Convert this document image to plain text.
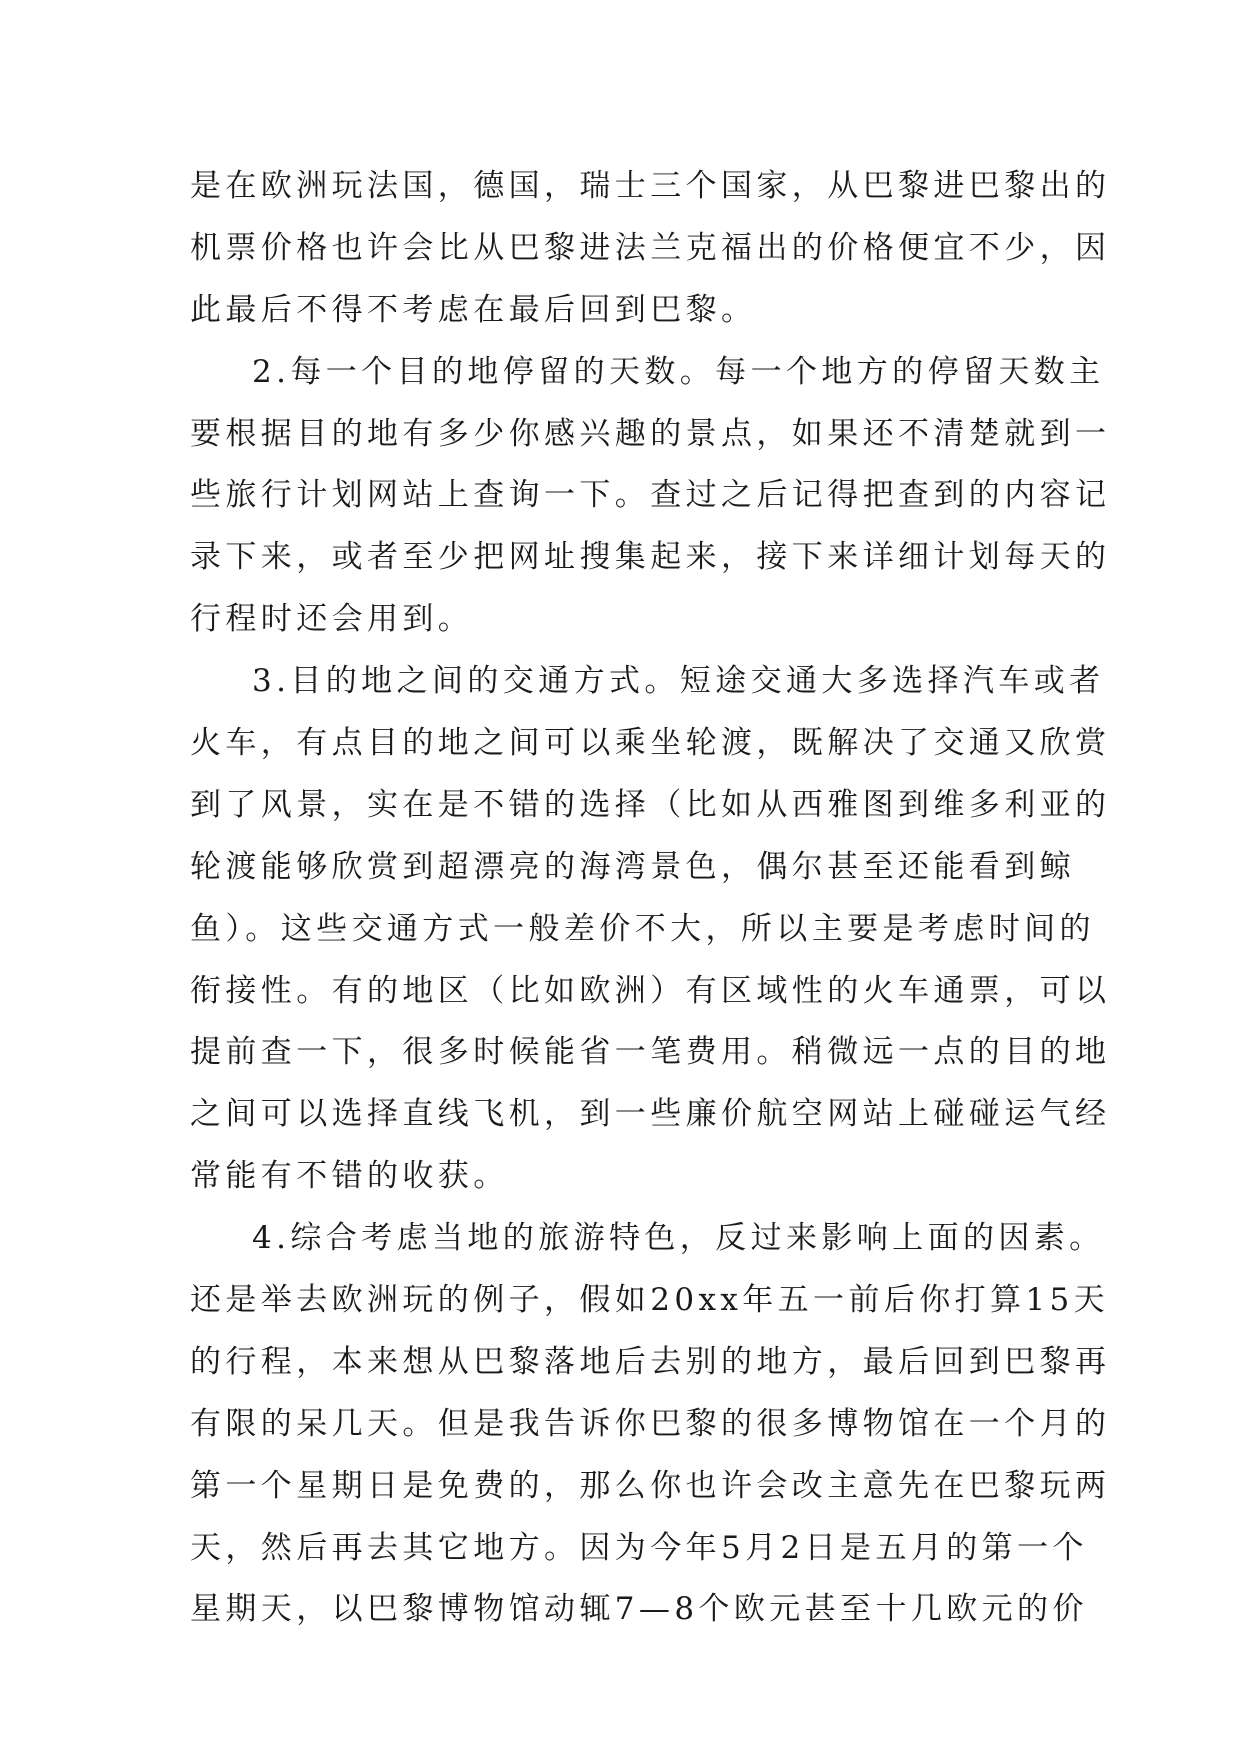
是在欧洲玩法国，德国，瑞士三个国家，从巴黎进巴黎出的
机票价格也许会比从巴黎进法兰克福出的价格便宜不少，因
此最后不得不考虑在最后回到巴黎。
2.每一个目的地停留的天数。每一个地方的停留天数主
要根据目的地有多少你感兴趣的景点，如果还不清楚就到一
些旅行计划网站上查询一下。查过之后记得把查到的内容记
录下来，或者至少把网址搜集起来，接下来详细计划每天的
行程时还会用到。
3.目的地之间的交通方式。短途交通大多选择汽车或者
火车，有点目的地之间可以乘坐轮渡，既解决了交通又欣赏
到了风景，实在是不错的选择（比如从西雅图到维多利亚的
轮渡能够欣赏到超漂亮的海湾景色，偶尔甚至还能看到鲸
鱼）。这些交通方式一般差价不大，所以主要是考虑时间的
衔接性。有的地区（比如欧洲）有区域性的火车通票，可以
提前查一下，很多时候能省一笔费用。稍微远一点的目的地
之间可以选择直线飞机，到一些廉价航空网站上碰碰运气经
常能有不错的收获。
4.综合考虑当地的旅游特色，反过来影响上面的因素。
还是举去欧洲玩的例子，假如20xx年五一前后你打算15天
的行程，本来想从巴黎落地后去别的地方，最后回到巴黎再
有限的呆几天。但是我告诉你巴黎的很多博物馆在一个月的
第一个星期日是免费的，那么你也许会改主意先在巴黎玩两
天，然后再去其它地方。因为今年5月2日是五月的第一个
星期天，以巴黎博物馆动辄7—8个欧元甚至十几欧元的价
